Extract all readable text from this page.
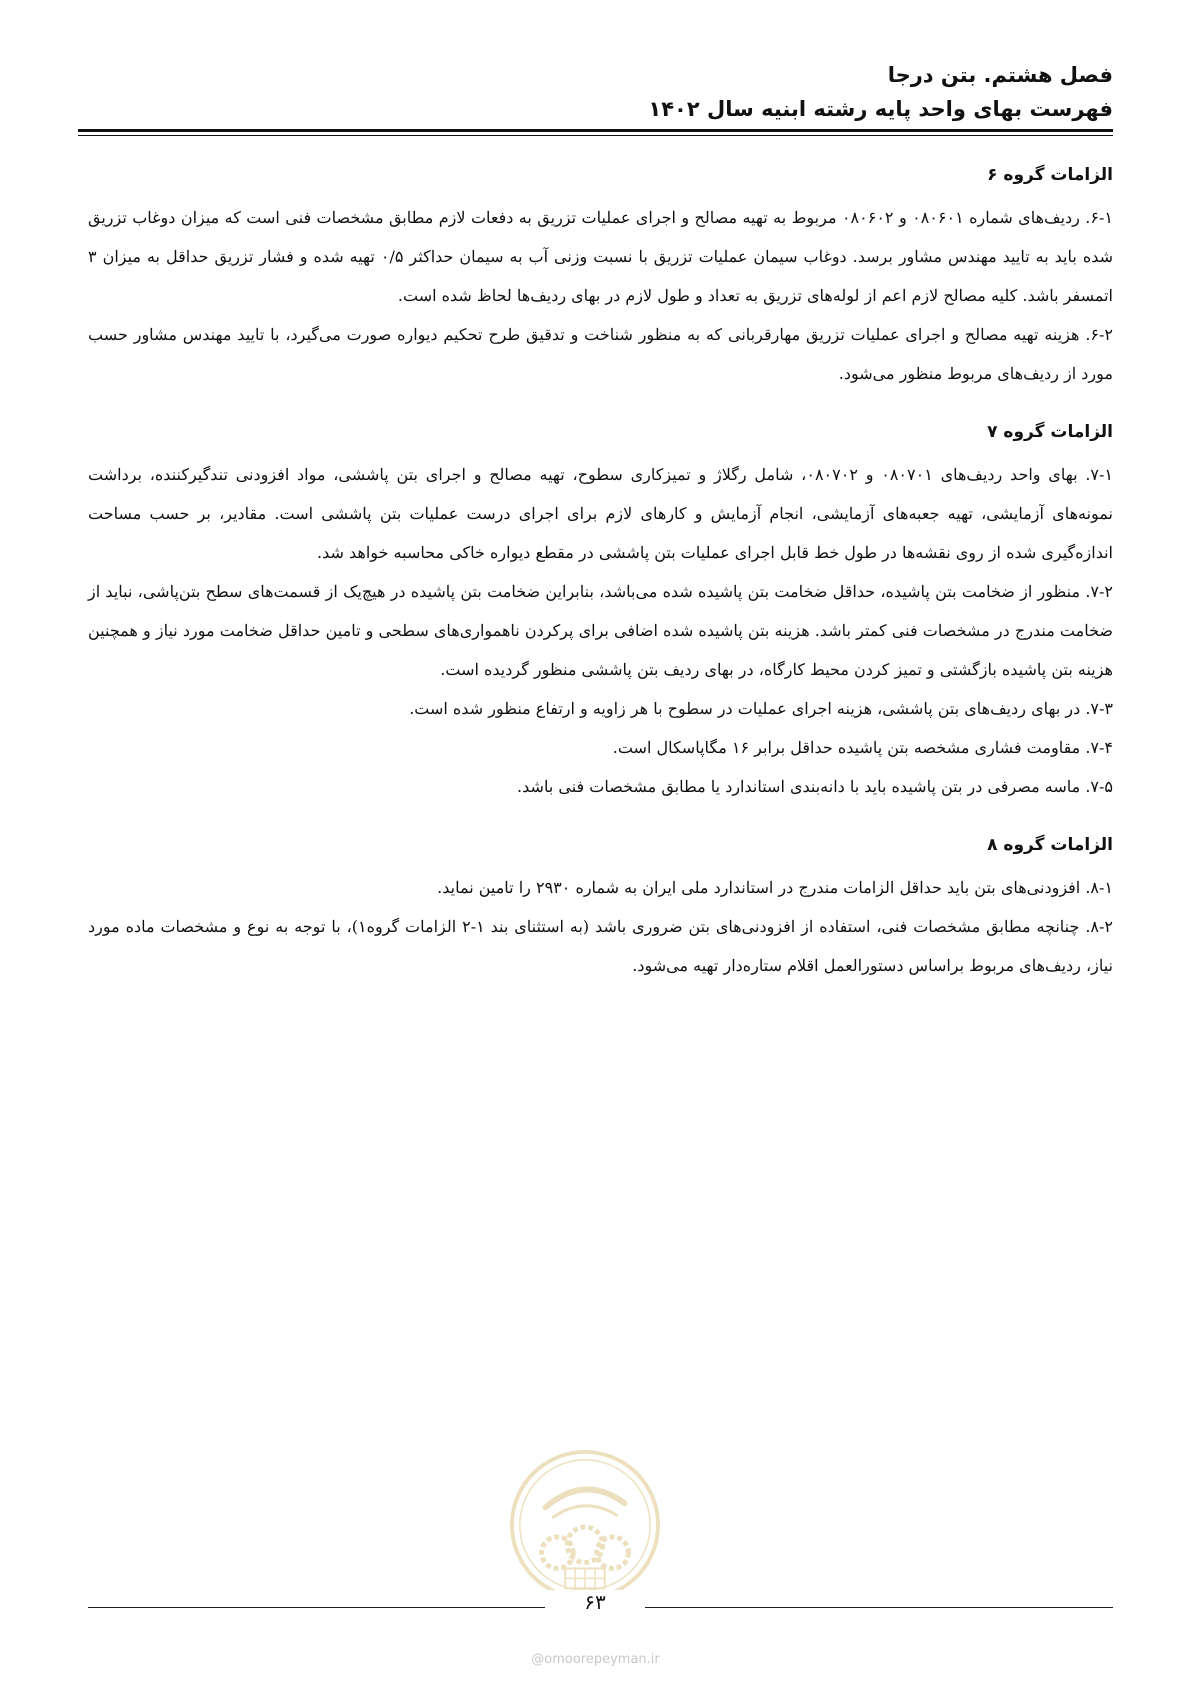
فصل هشتم. بتن درجا
فهرست بهای واحد پایه رشته ابنیه سال ۱۴۰۲
الزامات گروه ۶

۶-۱. ردیف‌های شماره ۰۸۰۶۰۱ و ۰۸۰۶۰۲ مربوط به تهیه مصالح و اجرای عملیات تزریق به دفعات لازم مطابق مشخصات فنی است که میزان دوغاب تزریق شده باید به تایید مهندس مشاور برسد. دوغاب سیمان عملیات تزریق با نسبت وزنی آب به سیمان حداکثر ۰/۵ تهیه شده و فشار تزریق حداقل به میزان ۳ اتمسفر باشد. کلیه مصالح لازم اعم از لوله‌های تزریق به تعداد و طول لازم در بهای ردیف‌ها لحاظ شده است.

۶-۲. هزینه تهیه مصالح و اجرای عملیات تزریق مهارقربانی که به منظور شناخت و تدقیق طرح تحکیم دیواره صورت می‌گیرد، با تایید مهندس مشاور حسب مورد از ردیف‌های مربوط منظور می‌شود.

الزامات گروه ۷

۷-۱. بهای واحد ردیف‌های ۰۸۰۷۰۱ و ۰۸۰۷۰۲، شامل رگلاژ و تمیزکاری سطوح، تهیه مصالح و اجرای بتن پاششی، مواد افزودنی تندگیرکننده، برداشت نمونه‌های آزمایشی، تهیه جعبه‌های آزمایشی، انجام آزمایش و کارهای لازم برای اجرای درست عملیات بتن پاششی است. مقادیر، بر حسب مساحت اندازه‌گیری شده از روی نقشه‌ها در طول خط قابل اجرای عملیات بتن پاششی در مقطع دیواره خاکی محاسبه خواهد شد.

۷-۲. منظور از ضخامت بتن پاشیده، حداقل ضخامت بتن پاشیده شده می‌باشد، بنابراین ضخامت بتن پاشیده در هیچ‌یک از قسمت‌های سطح بتن‌پاشی، نباید از ضخامت مندرج در مشخصات فنی کمتر باشد. هزینه بتن پاشیده شده اضافی برای پرکردن ناهمواری‌های سطحی و تامین حداقل ضخامت مورد نیاز و همچنین هزینه بتن پاشیده بازگشتی و تمیز کردن محیط کارگاه، در بهای ردیف بتن پاششی منظور گردیده است.

۷-۳. در بهای ردیف‌های بتن پاششی، هزینه اجرای عملیات در سطوح با هر زاویه و ارتفاع منظور شده است.

۷-۴. مقاومت فشاری مشخصه بتن پاشیده حداقل برابر ۱۶ مگاپاسکال است.

۷-۵. ماسه مصرفی در بتن پاشیده باید با دانه‌بندی استاندارد یا مطابق مشخصات فنی باشد.

الزامات گروه ۸

۸-۱. افزودنی‌های بتن باید حداقل الزامات مندرج در استاندارد ملی ایران به شماره ۲۹۳۰ را تامین نماید.

۸-۲. چنانچه مطابق مشخصات فنی، استفاده از افزودنی‌های بتن ضروری باشد (به استثنای بند ۱-۲ الزامات گروه۱)، با توجه به نوع و مشخصات ماده مورد نیاز، ردیف‌های مربوط براساس دستورالعمل اقلام ستاره‌دار تهیه می‌شود.

۶۳
@omoorepeyman.ir
